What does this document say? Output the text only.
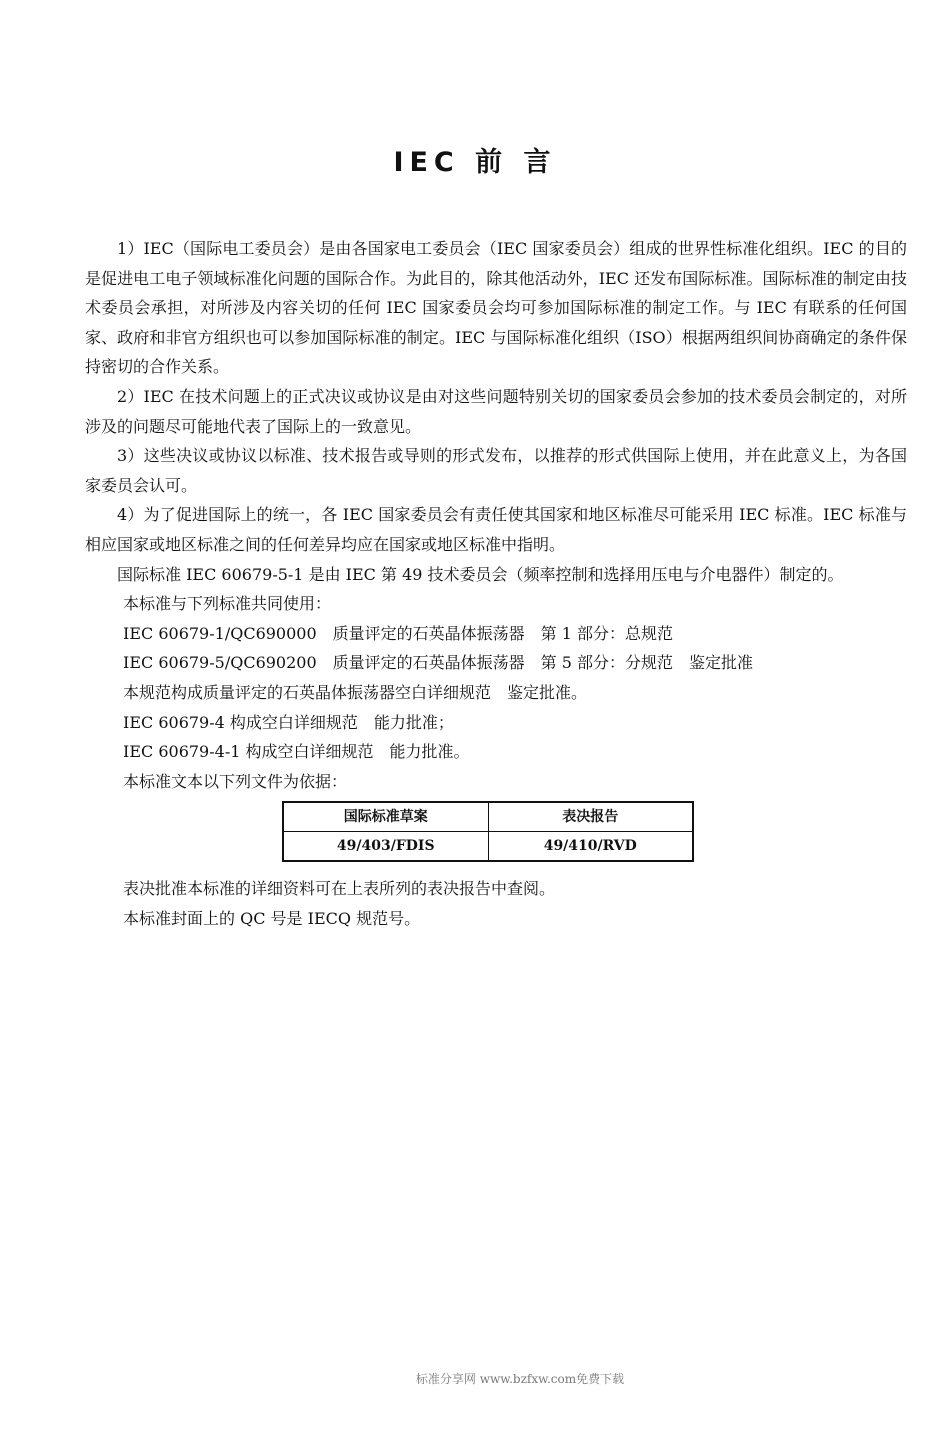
IEC 前 言

1）IEC（国际电工委员会）是由各国家电工委员会（IEC 国家委员会）组成的世界性标准化组织。IEC 的目的是促进电工电子领域标准化问题的国际合作。为此目的，除其他活动外，IEC 还发布国际标准。国际标准的制定由技术委员会承担，对所涉及内容关切的任何 IEC 国家委员会均可参加国际标准的制定工作。与 IEC 有联系的任何国家、政府和非官方组织也可以参加国际标准的制定。IEC 与国际标准化组织（ISO）根据两组织间协商确定的条件保持密切的合作关系。

2）IEC 在技术问题上的正式决议或协议是由对这些问题特别关切的国家委员会参加的技术委员会制定的，对所涉及的问题尽可能地代表了国际上的一致意见。

3）这些决议或协议以标准、技术报告或导则的形式发布，以推荐的形式供国际上使用，并在此意义上，为各国家委员会认可。

4）为了促进国际上的统一，各 IEC 国家委员会有责任使其国家和地区标准尽可能采用 IEC 标准。IEC 标准与相应国家或地区标准之间的任何差异均应在国家或地区标准中指明。

国际标准 IEC 60679-5-1 是由 IEC 第 49 技术委员会（频率控制和选择用压电与介电器件）制定的。

本标准与下列标准共同使用：

IEC 60679-1/QC690000　质量评定的石英晶体振荡器　第 1 部分：总规范

IEC 60679-5/QC690200　质量评定的石英晶体振荡器　第 5 部分：分规范　鉴定批准

本规范构成质量评定的石英晶体振荡器空白详细规范　鉴定批准。

IEC 60679-4 构成空白详细规范　能力批准；

IEC 60679-4-1 构成空白详细规范　能力批准。

本标准文本以下列文件为依据：

国际标准草案	表决报告
49/403/FDIS	49/410/RVD

表决批准本标准的详细资料可在上表所列的表决报告中查阅。

本标准封面上的 QC 号是 IECQ 规范号。

标准分享网 www.bzfxw.com免费下载
